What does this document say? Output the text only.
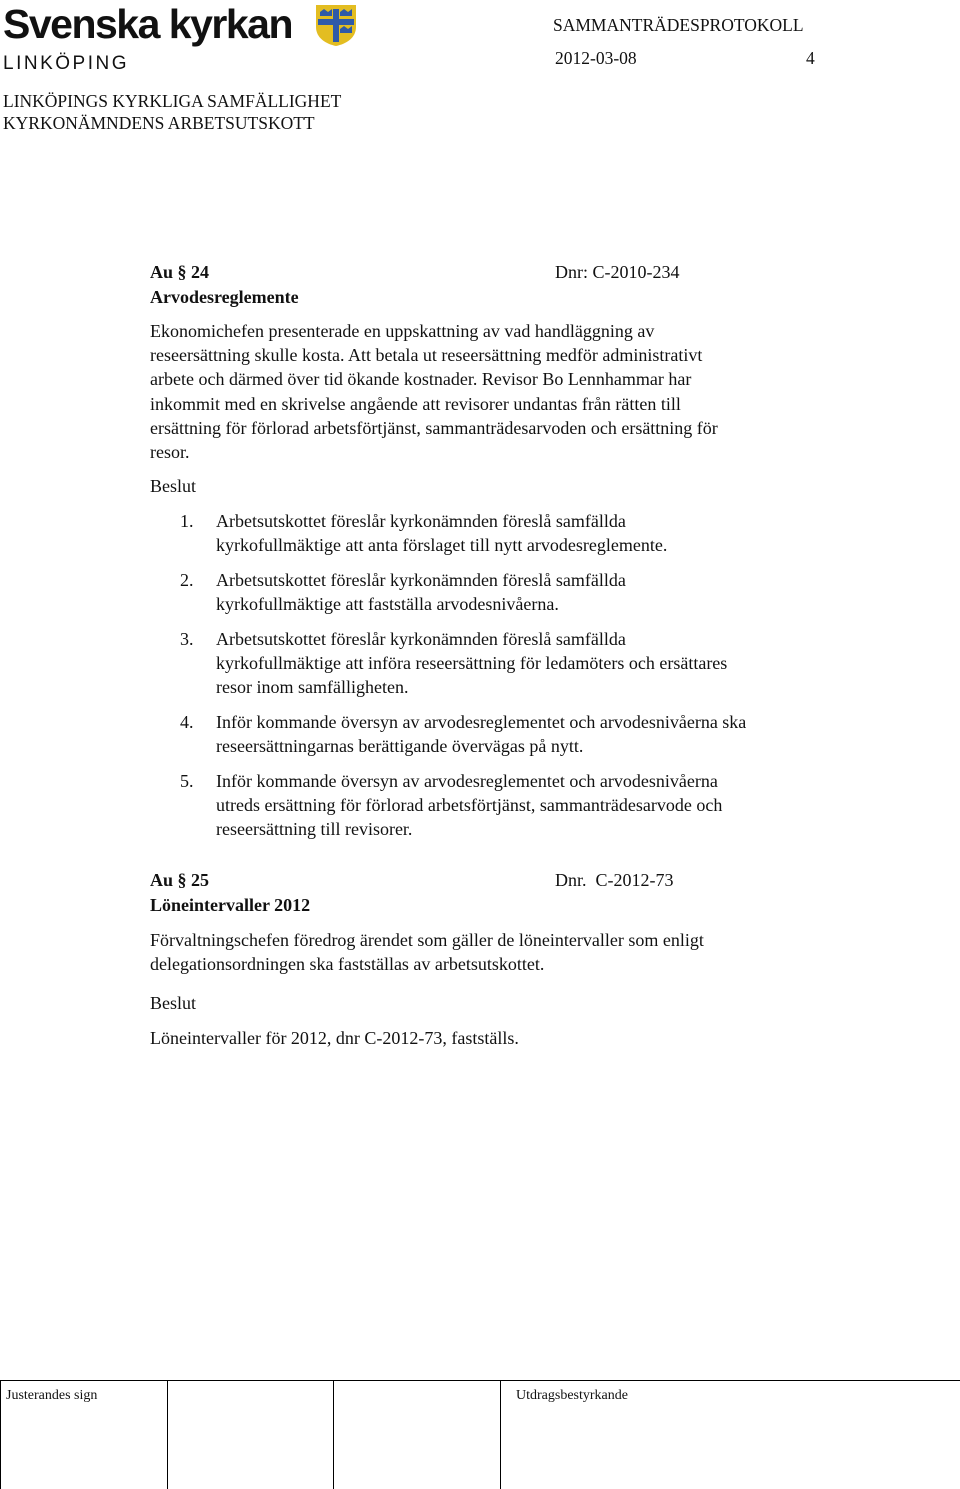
Svenska kyrkan
LINKÖPING
SAMMANTRÄDESPROTOKOLL
2012-03-08	4
LINKÖPINGS KYRKLIGA SAMFÄLLIGHET
KYRKONÄMNDENS ARBETSUTSKOTT
Au § 24	Dnr: C-2010-234
Arvodesreglemente
Ekonomichefen presenterade en uppskattning av vad handläggning av
reseersättning skulle kosta. Att betala ut reseersättning medför administrativt
arbete och därmed över tid ökande kostnader. Revisor Bo Lennhammar har
inkommit med en skrivelse angående att revisorer undantas från rätten till
ersättning för förlorad arbetsförtjänst, sammanträdesarvoden och ersättning för
resor.
Beslut
1. Arbetsutskottet föreslår kyrkonämnden föreslå samfällda
kyrkofullmäktige att anta förslaget till nytt arvodesreglemente.
2. Arbetsutskottet föreslår kyrkonämnden föreslå samfällda
kyrkofullmäktige att fastställa arvodesnivåerna.
3. Arbetsutskottet föreslår kyrkonämnden föreslå samfällda
kyrkofullmäktige att införa reseersättning för ledamöters och ersättares
resor inom samfälligheten.
4. Inför kommande översyn av arvodesreglementet och arvodesnivåerna ska
reseersättningarnas berättigande övervägas på nytt.
5. Inför kommande översyn av arvodesreglementet och arvodesnivåerna
utreds ersättning för förlorad arbetsförtjänst, sammanträdesarvode och
reseersättning till revisorer.
Au § 25	Dnr.  C-2012-73
Löneintervaller 2012
Förvaltningschefen föredrog ärendet som gäller de löneintervaller som enligt
delegationsordningen ska fastställas av arbetsutskottet.
Beslut
Löneintervaller för 2012, dnr C-2012-73, fastställs.
Justerandes sign	Utdragsbestyrkande
